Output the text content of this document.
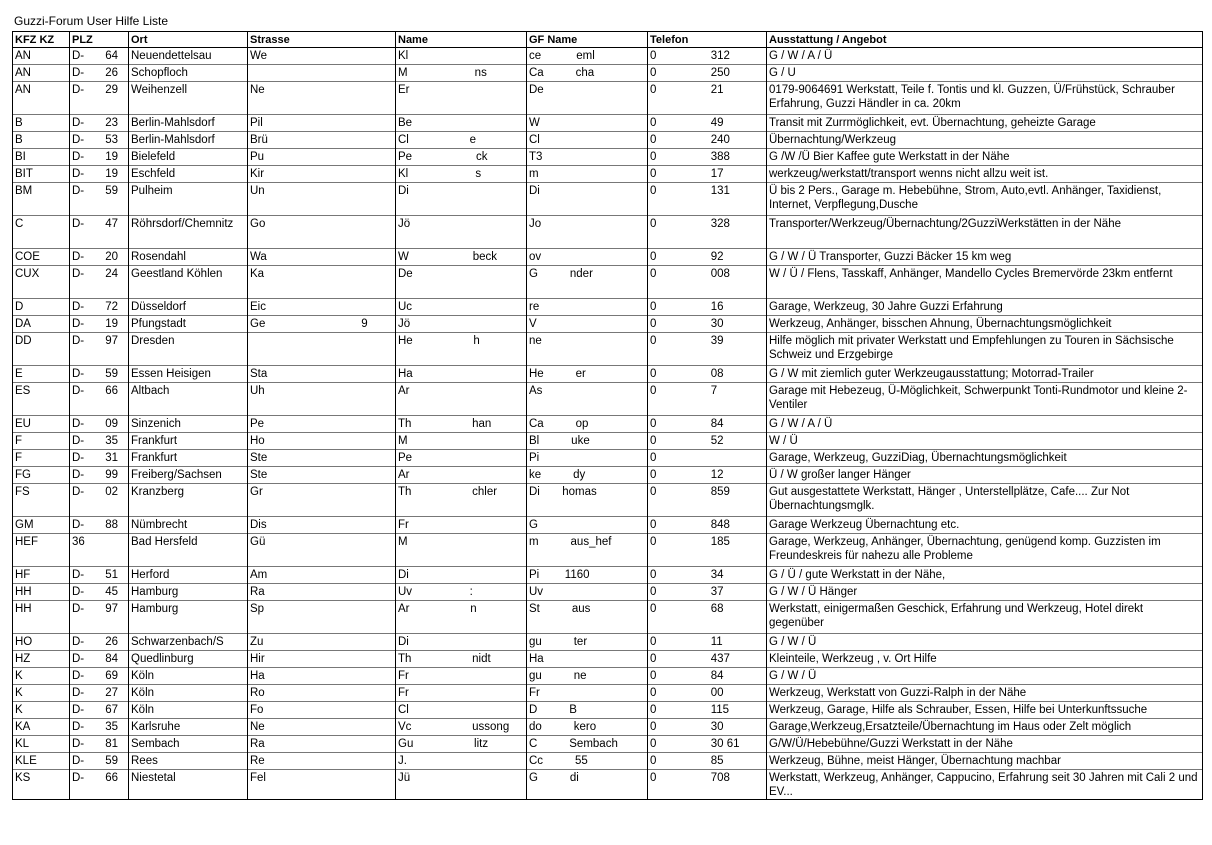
Guzzi-Forum User Hilfe Liste
KFZ KZ	PLZ	Ort	Strasse	Name	GF Name	Telefon	Ausstattung / Angebot
AN	D- 64	Neuendettelsau	We	Kl	ce           eml	0                 312	G / W / A / Ü
AN	D- 26	Schopfloch		M                     ns	Ca          cha	0                 250	G / U
AN	D- 29	Weihenzell	Ne	Er	De	0                 21	0179-9064691 Werkstatt, Teile f. Tontis und kl. Guzzen, Ü/Frühstück, Schrauber Erfahrung, Guzzi Händler in ca. 20km
B	D- 23	Berlin-Mahlsdorf	Pil	Be	W	0                 49	Transit mit Zurrmöglichkeit, evt. Übernachtung, geheizte Garage
B	D- 53	Berlin-Mahlsdorf	Brü	Cl                   e	Cl	0                 240	Übernachtung/Werkzeug
BI	D- 19	Bielefeld	Pu	Pe                    ck	T3	0                 388	G /W /Ü Bier Kaffee gute Werkstatt in der Nähe
BIT	D- 19	Eschfeld	Kir	Kl                     s	m	0                 17	werkzeug/werkstatt/transport wenns nicht allzu weit ist.
BM	D- 59	Pulheim	Un	Di	Di	0                 131	Ü bis 2 Pers., Garage m. Hebebühne, Strom, Auto,evtl. Anhänger, Taxidienst, Internet, Verpflegung,Dusche
C	D- 47	Röhrsdorf/Chemnitz	Go	Jö	Jo	0                 328	Transporter/Werkzeug/Übernachtung/2GuzziWerkstätten in der Nähe
COE	D- 20	Rosendahl	Wa	W                    beck	ov	0                 92	G / W / Ü Transporter, Guzzi Bäcker 15 km weg
CUX	D- 24	Geestland Köhlen	Ka	De	G          nder	0                 008	W / Ü / Flens, Tasskaff, Anhänger, Mandello Cycles Bremervörde 23km entfernt
D	D- 72	Düsseldorf	Eic	Uc	re	0                 16	Garage, Werkzeug, 30 Jahre Guzzi Erfahrung
DA	D- 19	Pfungstadt	Ge                              9	Jö	V	0                 30	Werkzeug, Anhänger, bisschen Ahnung, Übernachtungsmöglichkeit
DD	D- 97	Dresden		He                   h	ne	0                 39	Hilfe möglich mit privater Werkstatt und Empfehlungen zu Touren in Sächsische Schweiz und Erzgebirge
E	D- 59	Essen Heisigen	Sta	Ha	He          er	0                 08	G / W mit ziemlich guter Werkzeugausstattung; Motorrad-Trailer
ES	D- 66	Altbach	Uh	Ar	As	0                 7	Garage mit Hebezeug, Ü-Möglichkeit, Schwerpunkt Tonti-Rundmotor und kleine 2-Ventiler
EU	D- 09	Sinzenich	Pe	Th                   han	Ca          op	0                 84	G / W / A / Ü
F	D- 35	Frankfurt	Ho	M	Bl          uke	0                 52	W / Ü
F	D- 31	Frankfurt	Ste	Pe	Pi	0	Garage, Werkzeug, GuzziDiag, Übernachtungsmöglichkeit
FG	D- 99	Freiberg/Sachsen	Ste	Ar	ke          dy	0                 12	Ü / W großer langer Hänger
FS	D- 02	Kranzberg	Gr	Th                   chler	Di       homas	0                 859	Gut ausgestattete Werkstatt, Hänger , Unterstellplätze, Cafe.... Zur Not Übernachtungsmglk.
GM	D- 88	Nümbrecht	Dis	Fr	G	0                 848	Garage Werkzeug Übernachtung etc.
HEF	36	Bad Hersfeld	Gü	M	m          aus_hef	0                 185	Garage, Werkzeug, Anhänger, Übernachtung, genügend komp. Guzzisten im Freundeskreis für nahezu alle Probleme
HF	D- 51	Herford	Am	Di	Pi        1160	0                 34	G / Ü / gute Werkstatt in der Nähe,
HH	D- 45	Hamburg	Ra	Uv                  :	Uv	0                 37	G / W / Ü Hänger
HH	D- 97	Hamburg	Sp	Ar                   n	St          aus	0                 68	Werkstatt, einigermaßen Geschick, Erfahrung und Werkzeug, Hotel direkt gegenüber
HO	D- 26	Schwarzenbach/S	Zu	Di	gu          ter	0                 11	G / W / Ü
HZ	D- 84	Quedlinburg	Hir	Th                   nidt	Ha	0                 437	Kleinteile, Werkzeug , v. Ort Hilfe
K	D- 69	Köln	Ha	Fr	gu          ne	0                 84	G / W / Ü
K	D- 27	Köln	Ro	Fr	Fr	0                 00	Werkzeug, Werkstatt von Guzzi-Ralph in der Nähe
K	D- 67	Köln	Fo	Cl	D          B	0                 115	Werkzeug, Garage, Hilfe als Schrauber, Essen, Hilfe bei Unterkunftssuche
KA	D- 35	Karlsruhe	Ne	Vc                   ussong	do          kero	0                 30	Garage,Werkzeug,Ersatzteile/Übernachtung im Haus oder Zelt möglich
KL	D- 81	Sembach	Ra	Gu                   litz	C          Sembach	0                 30 61	G/W/Ü/Hebebühne/Guzzi Werkstatt in der Nähe
KLE	D- 59	Rees	Re	J.	Cc          55	0                 85	Werkzeug, Bühne, meist Hänger, Übernachtung machbar
KS	D- 66	Niestetal	Fel	Jü	G          di	0                 708	Werkstatt, Werkzeug, Anhänger, Cappucino, Erfahrung seit 30 Jahren mit Cali 2 und EV...
